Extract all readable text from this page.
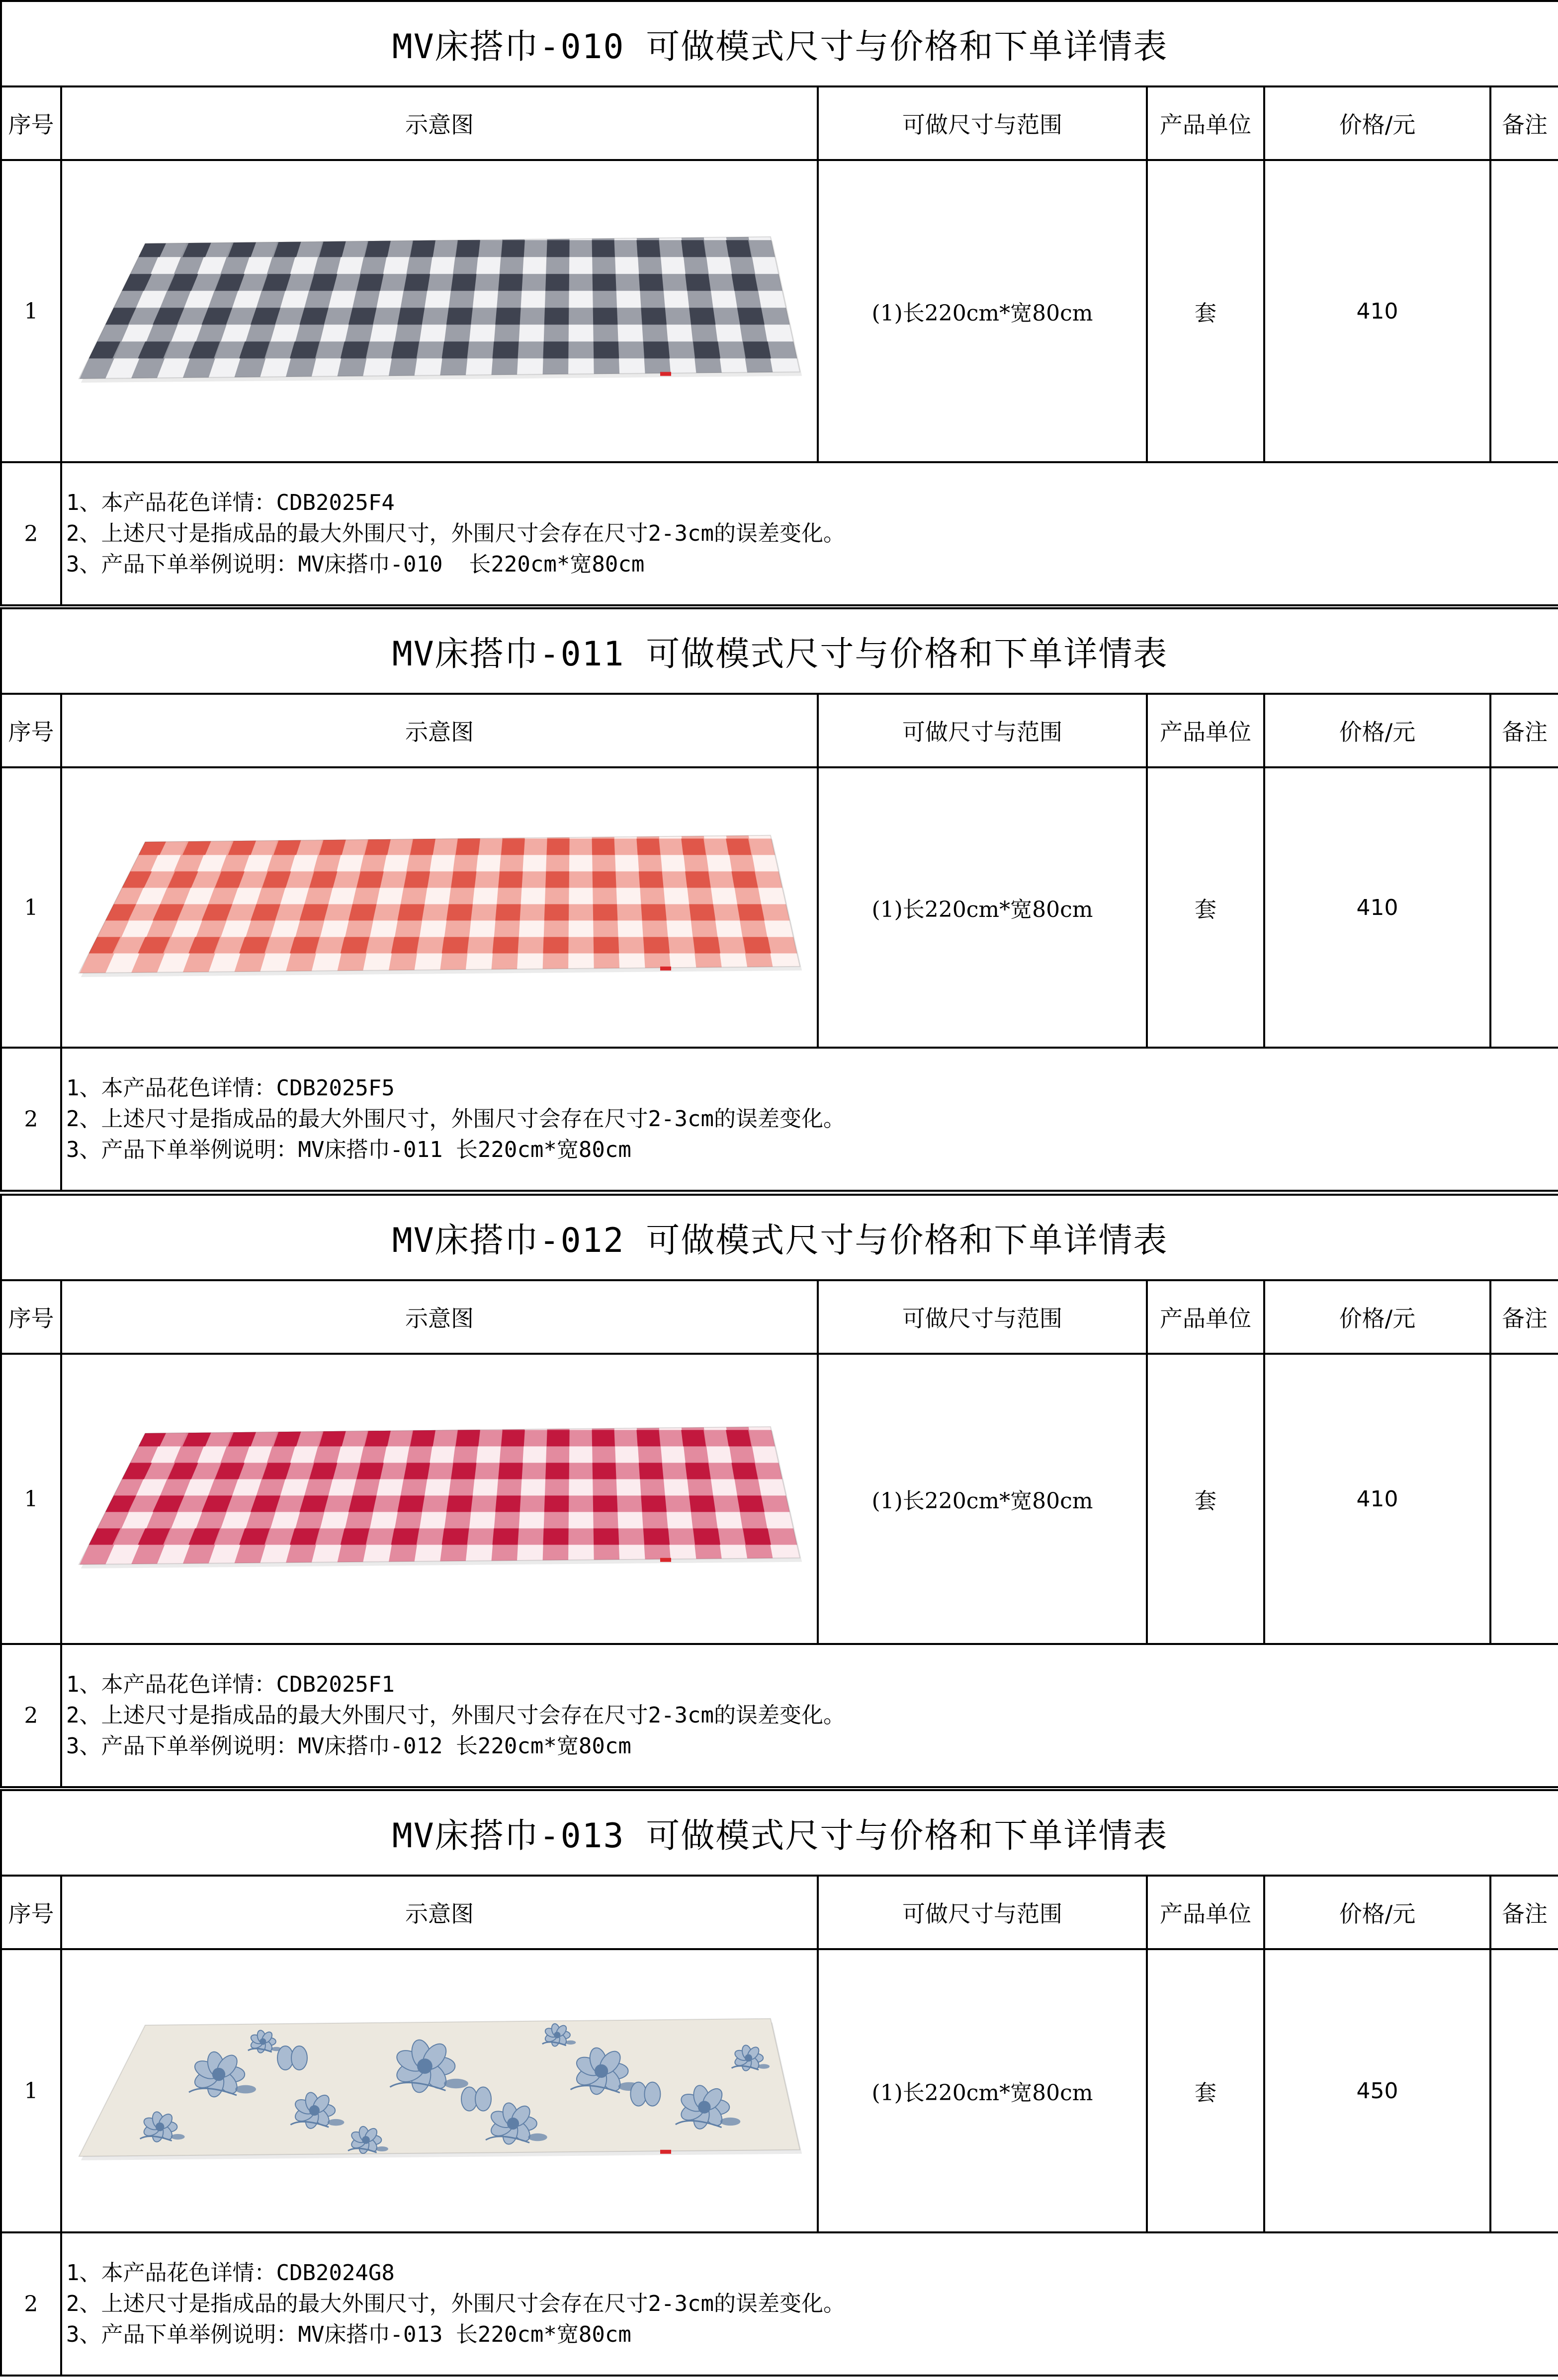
MV床搭巾-010 可做模式尺寸与价格和下单详情表					
序号	示意图	可做尺寸与范围	产品单位	价格/元	备注
1		(1)长220cm*宽80cm	套	410	
2	1、本产品花色详情：CDB2025F4
2、上述尺寸是指成品的最大外围尺寸，外围尺寸会存在尺寸2-3cm的误差变化。
3、产品下单举例说明：MV床搭巾-010  长220cm*宽80cm				
MV床搭巾-011 可做模式尺寸与价格和下单详情表					
序号	示意图	可做尺寸与范围	产品单位	价格/元	备注
1		(1)长220cm*宽80cm	套	410	
2	1、本产品花色详情：CDB2025F5
2、上述尺寸是指成品的最大外围尺寸，外围尺寸会存在尺寸2-3cm的误差变化。
3、产品下单举例说明：MV床搭巾-011 长220cm*宽80cm				
MV床搭巾-012 可做模式尺寸与价格和下单详情表					
序号	示意图	可做尺寸与范围	产品单位	价格/元	备注
1		(1)长220cm*宽80cm	套	410	
2	1、本产品花色详情：CDB2025F1
2、上述尺寸是指成品的最大外围尺寸，外围尺寸会存在尺寸2-3cm的误差变化。
3、产品下单举例说明：MV床搭巾-012 长220cm*宽80cm				
MV床搭巾-013 可做模式尺寸与价格和下单详情表					
序号	示意图	可做尺寸与范围	产品单位	价格/元	备注
1		(1)长220cm*宽80cm	套	450	
2	1、本产品花色详情：CDB2024G8
2、上述尺寸是指成品的最大外围尺寸，外围尺寸会存在尺寸2-3cm的误差变化。
3、产品下单举例说明：MV床搭巾-013 长220cm*宽80cm				
